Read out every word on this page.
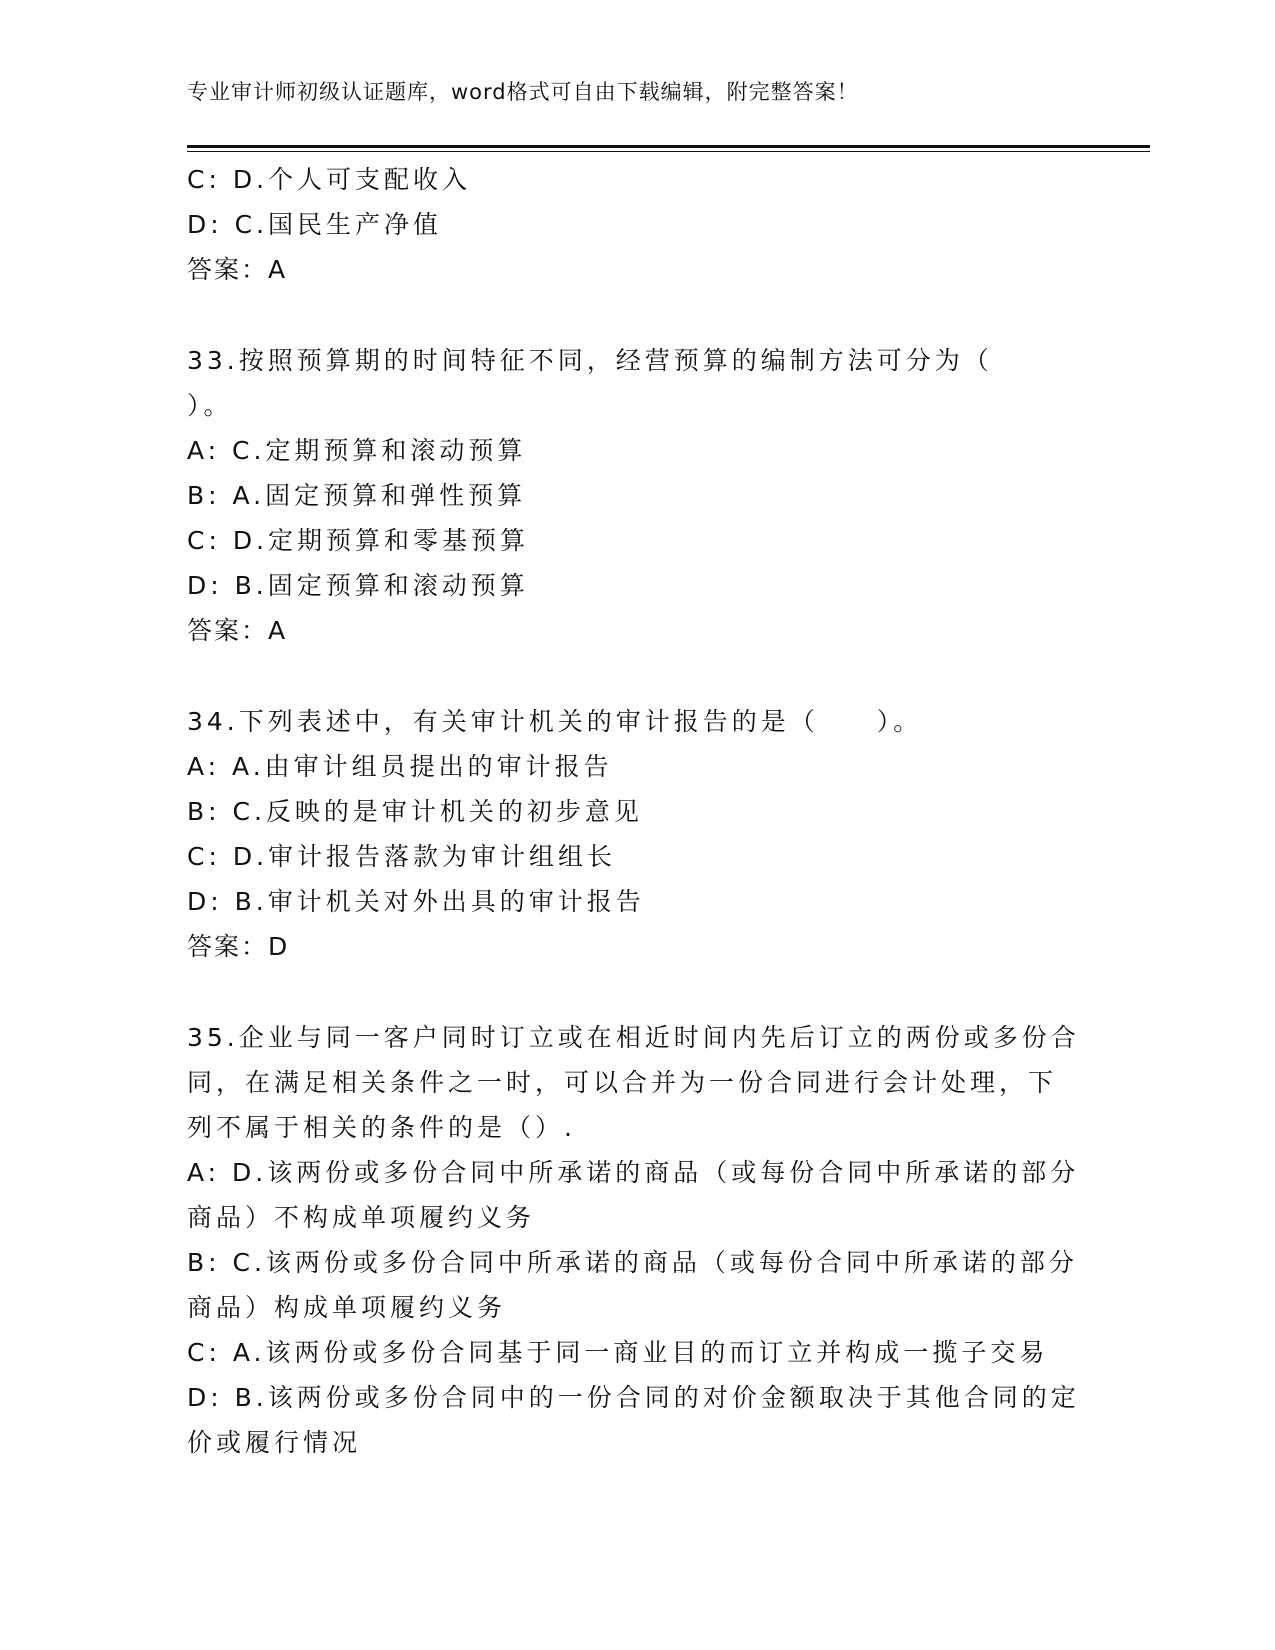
专业审计师初级认证题库，word格式可自由下载编辑，附完整答案！
C: D.个人可支配收入
D: C.国民生产净值
答案：A
33.按照预算期的时间特征不同，经营预算的编制方法可分为（
）。
A: C.定期预算和滚动预算
B: A.固定预算和弹性预算
C: D.定期预算和零基预算
D: B.固定预算和滚动预算
答案：A
34.下列表述中，有关审计机关的审计报告的是（　　）。
A: A.由审计组员提出的审计报告
B: C.反映的是审计机关的初步意见
C: D.审计报告落款为审计组组长
D: B.审计机关对外出具的审计报告
答案：D
35.企业与同一客户同时订立或在相近时间内先后订立的两份或多份合
同，在满足相关条件之一时，可以合并为一份合同进行会计处理，下
列不属于相关的条件的是（）.
A: D.该两份或多份合同中所承诺的商品（或每份合同中所承诺的部分
商品）不构成单项履约义务
B: C.该两份或多份合同中所承诺的商品（或每份合同中所承诺的部分
商品）构成单项履约义务
C: A.该两份或多份合同基于同一商业目的而订立并构成一揽子交易
D: B.该两份或多份合同中的一份合同的对价金额取决于其他合同的定
价或履行情况
